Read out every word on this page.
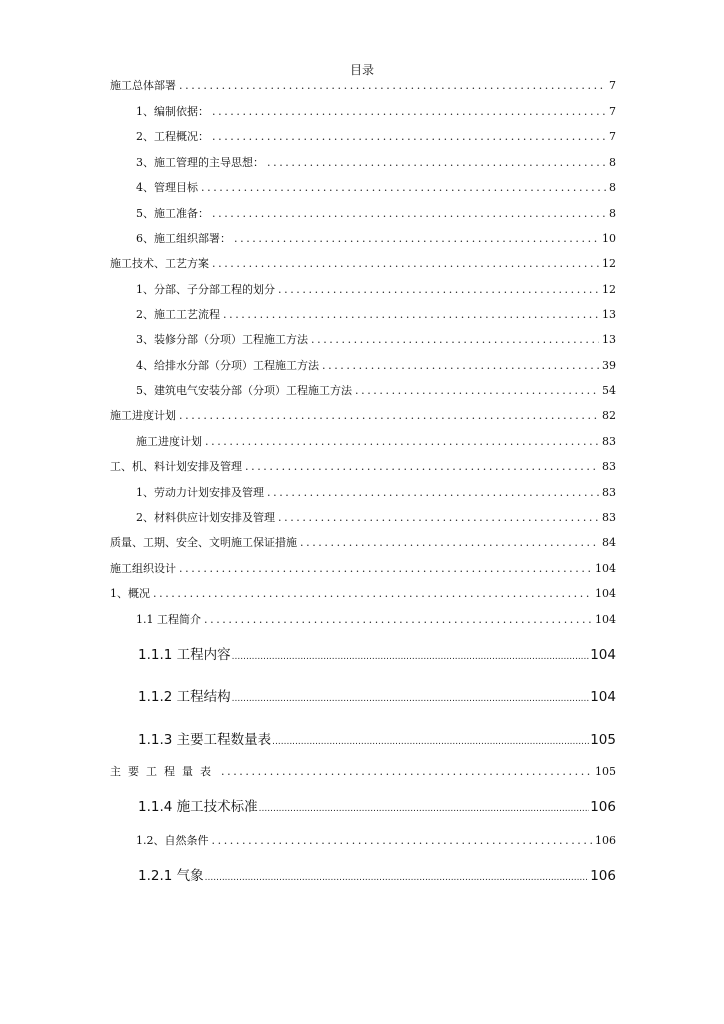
目录
施工总体部署 .....	7
1、编制依据： .....	7
2、工程概况： .....	7
3、施工管理的主导思想： .....	8
4、管理目标 .....	8
5、施工准备： .....	8
6、施工组织部署： .....	10
施工技术、工艺方案 .....	12
1、分部、子分部工程的划分 .....	12
2、施工工艺流程 .....	13
3、装修分部（分项）工程施工方法 .....	13
4、给排水分部（分项）工程施工方法 .....	39
5、建筑电气安装分部（分项）工程施工方法 .....	54
施工进度计划 .....	82
施工进度计划 .....	83
工、机、料计划安排及管理 .....	83
1、劳动力计划安排及管理 .....	83
2、材料供应计划安排及管理 .....	83
质量、工期、安全、文明施工保证措施 .....	84
施工组织设计 .....	104
1、概况 .....	104
1.1 工程简介 .....	104
1.1.1 工程内容 .....	104
1.1.2 工程结构 .....	104
1.1.3 主要工程数量表 .....	105
主要工程量表 .....	105
1.1.4 施工技术标准 .....	106
1.2、自然条件 .....	106
1.2.1 气象 .....	106
